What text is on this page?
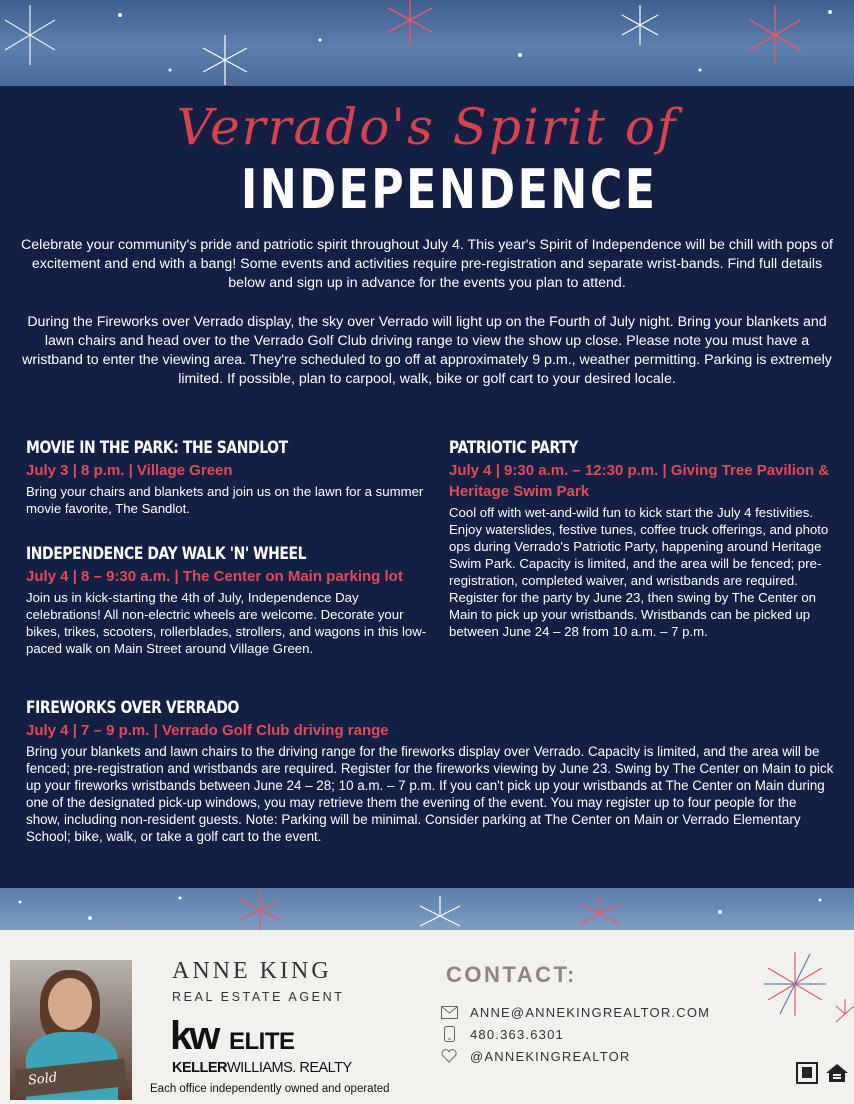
Verrado's Spirit of
INDEPENDENCE

Celebrate your community's pride and patriotic spirit throughout July 4. This year's Spirit of Independence will be chill with pops of excitement and end with a bang! Some events and activities require pre-registration and separate wrist-bands. Find full details below and sign up in advance for the events you plan to attend.

During the Fireworks over Verrado display, the sky over Verrado will light up on the Fourth of July night. Bring your blankets and lawn chairs and head over to the Verrado Golf Club driving range to view the show up close. Please note you must have a wristband to enter the viewing area. They're scheduled to go off at approximately 9 p.m., weather permitting. Parking is extremely limited. If possible, plan to carpool, walk, bike or golf cart to your desired locale.

MOVIE IN THE PARK: THE SANDLOT
July 3 | 8 p.m. | Village Green

Bring your chairs and blankets and join us on the lawn for a summer movie favorite, The Sandlot.

INDEPENDENCE DAY WALK 'N' WHEEL
July 4 | 8 – 9:30 a.m. | The Center on Main parking lot

Join us in kick-starting the 4th of July, Independence Day celebrations! All non-electric wheels are welcome. Decorate your bikes, trikes, scooters, rollerblades, strollers, and wagons in this low-paced walk on Main Street around Village Green.

PATRIOTIC PARTY
July 4 | 9:30 a.m. – 12:30 p.m. | Giving Tree Pavilion & Heritage Swim Park

Cool off with wet-and-wild fun to kick start the July 4 festivities. Enjoy waterslides, festive tunes, coffee truck offerings, and photo ops during Verrado's Patriotic Party, happening around Heritage Swim Park. Capacity is limited, and the area will be fenced; pre-registration, completed waiver, and wristbands are required. Register for the party by June 23, then swing by The Center on Main to pick up your wristbands. Wristbands can be picked up between June 24 – 28 from 10 a.m. – 7 p.m.

FIREWORKS OVER VERRADO
July 4 | 7 – 9 p.m. | Verrado Golf Club driving range

Bring your blankets and lawn chairs to the driving range for the fireworks display over Verrado. Capacity is limited, and the area will be fenced; pre-registration and wristbands are required. Register for the fireworks viewing by June 23. Swing by The Center on Main to pick up your fireworks wristbands between June 24 – 28; 10 a.m. – 7 p.m. If you can't pick up your wristbands at The Center on Main during one of the designated pick-up windows, you may retrieve them the evening of the event. You may register up to four people for the show, including non-resident guests. Note: Parking will be minimal. Consider parking at The Center on Main or Verrado Elementary School; bike, walk, or take a golf cart to the event.

Sold
ANNE KING
REAL ESTATE AGENT
kw ELITE
KELLERWILLIAMS. REALTY
Each office independently owned and operated
CONTACT:
ANNE@ANNEKINGREALTOR.COM
480.363.6301
@ANNEKINGREALTOR
